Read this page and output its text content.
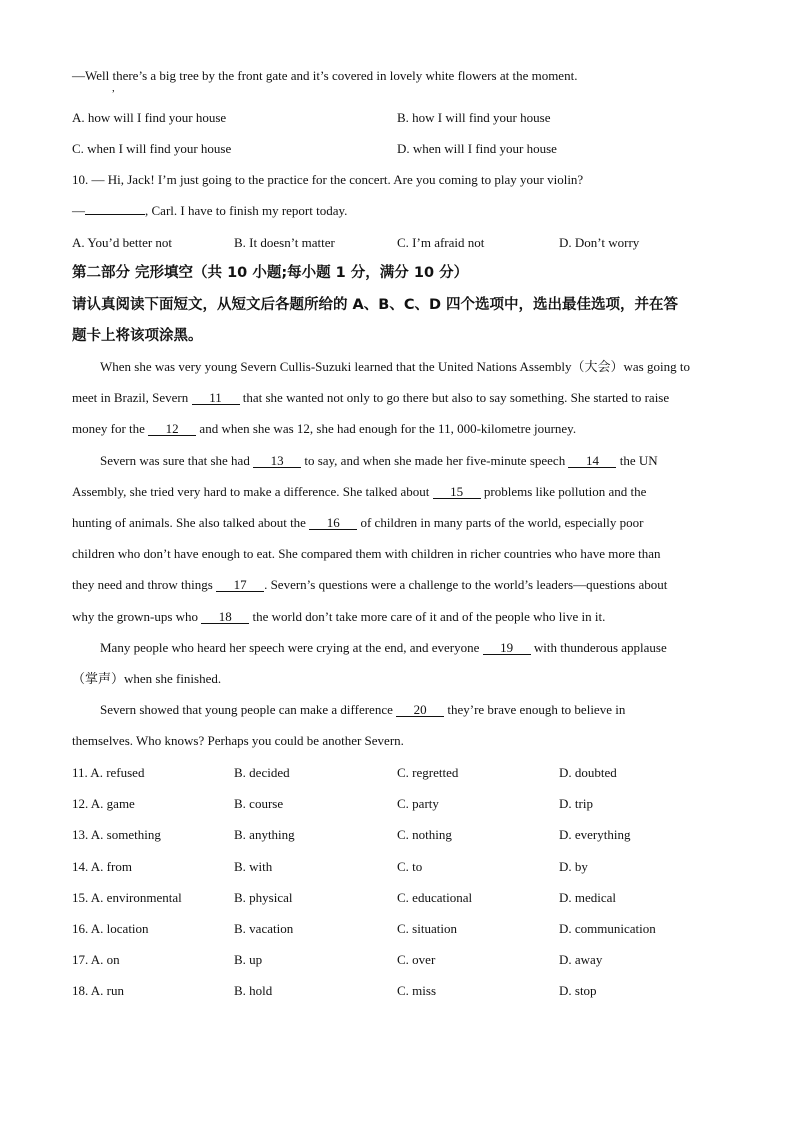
—Well there’s a big tree by the front gate and it’s covered in lovely white flowers at the moment.
,
A. how will I find your house	B. how I will find your house
C. when I will find your house	D. when will I find your house
10. — Hi, Jack! I’m just going to the practice for the concert. Are you coming to play your violin?
—	, Carl. I have to finish my report today.
A. You’d better not	B. It doesn’t matter	C. I’m afraid not	D. Don’t worry
第二部分 完形填空（共 10 小题;每小题 1 分，满分 10 分）
请认真阅读下面短文，从短文后各题所给的 A、B、C、D 四个选项中，选出最佳选项，并在答
题卡上将该项涂黑。
When she was very young Severn Cullis-Suzuki learned that the United Nations Assembly（大会）was going to
meet in Brazil, Severn 11 that she wanted not only to go there but also to say something. She started to raise
money for the 12 and when she was 12, she had enough for the 11, 000-kilometre journey.
Severn was sure that she had 13 to say, and when she made her five-minute speech 14 the UN
Assembly, she tried very hard to make a difference. She talked about 15 problems like pollution and the
hunting of animals. She also talked about the 16 of children in many parts of the world, especially poor
children who don’t have enough to eat. She compared them with children in richer countries who have more than
they need and throw things 17 . Severn’s questions were a challenge to the world’s leaders—questions about
why the grown-ups who 18 the world don’t take more care of it and of the people who live in it.
Many people who heard her speech were crying at the end, and everyone 19 with thunderous applause
（掌声）when she finished.
Severn showed that young people can make a difference 20 they’re brave enough to believe in
themselves. Who knows? Perhaps you could be another Severn.
11. A. refused	B. decided	C. regretted	D. doubted
12. A. game	B. course	C. party	D. trip
13. A. something	B. anything	C. nothing	D. everything
14. A. from	B. with	C. to	D. by
15. A. environmental	B. physical	C. educational	D. medical
16. A. location	B. vacation	C. situation	D. communication
17. A. on	B. up	C. over	D. away
18. A. run	B. hold	C. miss	D. stop
